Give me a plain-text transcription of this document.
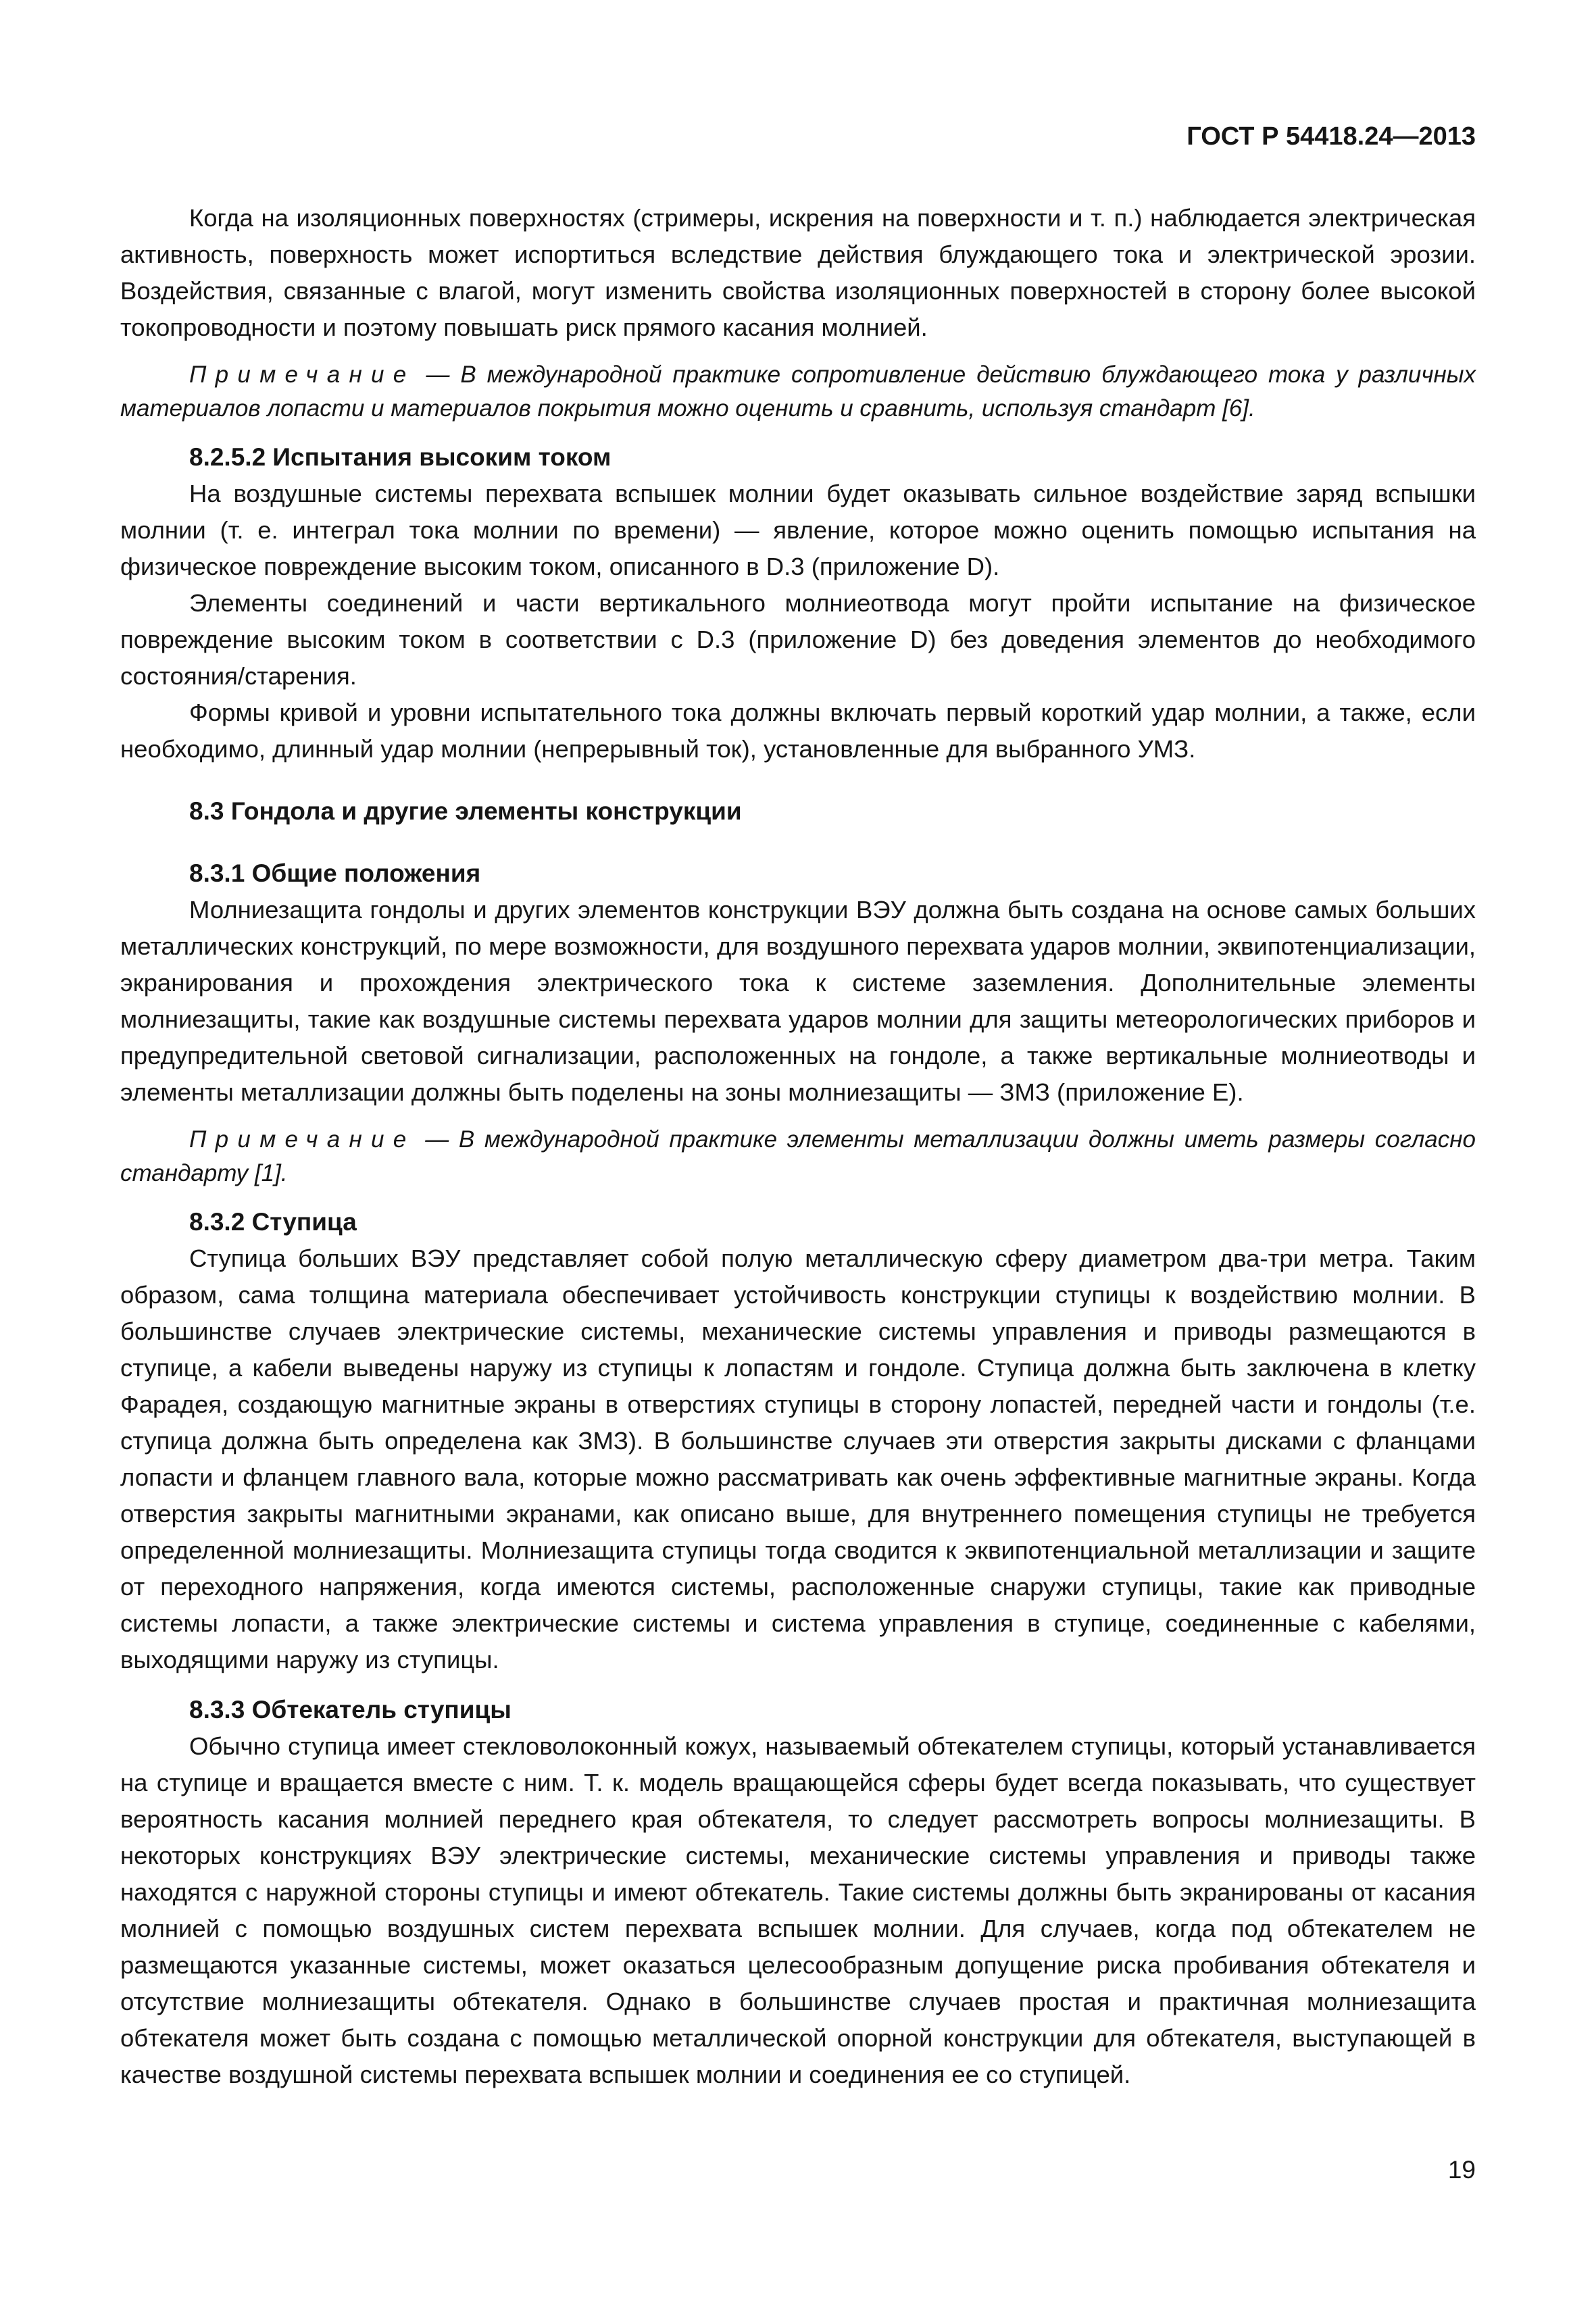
ГОСТ Р 54418.24—2013

Когда на изоляционных поверхностях (стримеры, искрения на поверхности и т. п.) наблюдается электрическая активность, поверхность может испортиться вследствие действия блуждающего тока и электрической эрозии. Воздействия, связанные с влагой, могут изменить свойства изоляционных поверхностей в сторону более высокой токопроводности и поэтому повышать риск прямого касания молнией.

Примечание — В международной практике сопротивление действию блуждающего тока у различных материалов лопасти и материалов покрытия можно оценить и сравнить, используя стандарт [6].
8.2.5.2 Испытания высоким током

На воздушные системы перехвата вспышек молнии будет оказывать сильное воздействие заряд вспышки молнии (т. е. интеграл тока молнии по времени) — явление, которое можно оценить помощью испытания на физическое повреждение высоким током, описанного в D.3 (приложение D).

Элементы соединений и части вертикального молниеотвода могут пройти испытание на физическое повреждение высоким током в соответствии с D.3 (приложение D) без доведения элементов до необходимого состояния/старения.

Формы кривой и уровни испытательного тока должны включать первый короткий удар молнии, а также, если необходимо, длинный удар молнии (непрерывный ток), установленные для выбранного УМЗ.

8.3 Гондола и другие элементы конструкции
8.3.1 Общие положения

Молниезащита гондолы и других элементов конструкции ВЭУ должна быть создана на основе самых больших металлических конструкций, по мере возможности, для воздушного перехвата ударов молнии, эквипотенциализации, экранирования и прохождения электрического тока к системе заземления. Дополнительные элементы молниезащиты, такие как воздушные системы перехвата ударов молнии для защиты метеорологических приборов и предупредительной световой сигнализации, расположенных на гондоле, а также вертикальные молниеотводы и элементы металлизации должны быть поделены на зоны молниезащиты — ЗМЗ (приложение E).

Примечание — В международной практике элементы металлизации должны иметь размеры согласно стандарту [1].
8.3.2 Ступица

Ступица больших ВЭУ представляет собой полую металлическую сферу диаметром два-три метра. Таким образом, сама толщина материала обеспечивает устойчивость конструкции ступицы к воздействию молнии. В большинстве случаев электрические системы, механические системы управления и приводы размещаются в ступице, а кабели выведены наружу из ступицы к лопастям и гондоле. Ступица должна быть заключена в клетку Фарадея, создающую магнитные экраны в отверстиях ступицы в сторону лопастей, передней части и гондолы (т.е. ступица должна быть определена как ЗМЗ). В большинстве случаев эти отверстия закрыты дисками с фланцами лопасти и фланцем главного вала, которые можно рассматривать как очень эффективные магнитные экраны. Когда отверстия закрыты магнитными экранами, как описано выше, для внутреннего помещения ступицы не требуется определенной молниезащиты. Молниезащита ступицы тогда сводится к эквипотенциальной металлизации и защите от переходного напряжения, когда имеются системы, расположенные снаружи ступицы, такие как приводные системы лопасти, а также электрические системы и система управления в ступице, соединенные с кабелями, выходящими наружу из ступицы.

8.3.3 Обтекатель ступицы

Обычно ступица имеет стекловолоконный кожух, называемый обтекателем ступицы, который устанавливается на ступице и вращается вместе с ним. Т. к. модель вращающейся сферы будет всегда показывать, что существует вероятность касания молнией переднего края обтекателя, то следует рассмотреть вопросы молниезащиты. В некоторых конструкциях ВЭУ электрические системы, механические системы управления и приводы также находятся с наружной стороны ступицы и имеют обтекатель. Такие системы должны быть экранированы от касания молнией с помощью воздушных систем перехвата вспышек молнии. Для случаев, когда под обтекателем не размещаются указанные системы, может оказаться целесообразным допущение риска пробивания обтекателя и отсутствие молниезащиты обтекателя. Однако в большинстве случаев простая и практичная молниезащита обтекателя может быть создана с помощью металлической опорной конструкции для обтекателя, выступающей в качестве воздушной системы перехвата вспышек молнии и соединения ее со ступицей.

19
